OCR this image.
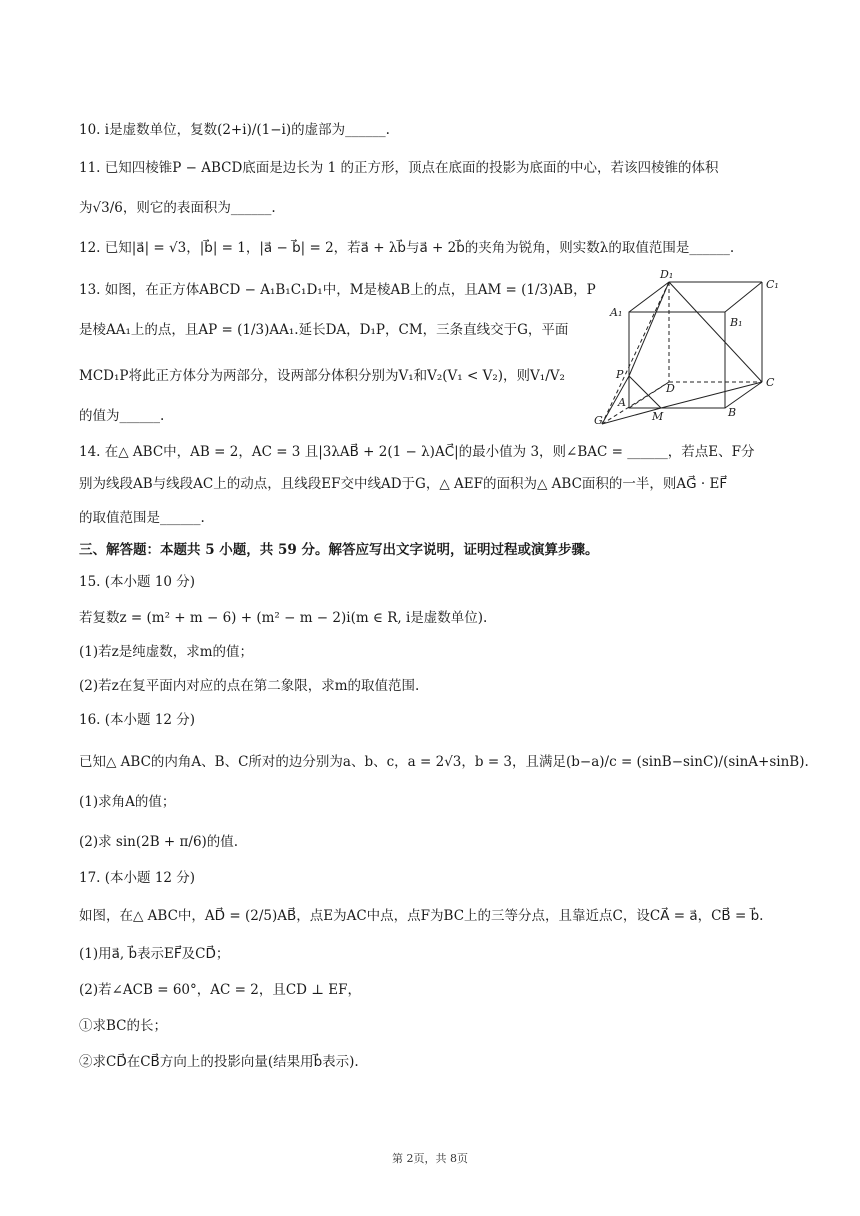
10. i是虚数单位，复数(2+i)/(1−i)的虚部为______.
11. 已知四棱锥P − ABCD底面是边长为 1 的正方形，顶点在底面的投影为底面的中心，若该四棱锥的体积
为√3/6，则它的表面积为______.
12. 已知|a⃗| = √3，|b⃗| = 1，|a⃗ − b⃗| = 2，若a⃗ + λb⃗与a⃗ + 2b⃗的夹角为锐角，则实数λ的取值范围是______.
13. 如图，在正方体ABCD − A₁B₁C₁D₁中，M是棱AB上的点，且AM = (1/3)AB，P
是棱AA₁上的点，且AP = (1/3)AA₁.延长DA，D₁P，CM，三条直线交于G，平面
MCD₁P将此正方体分为两部分，设两部分体积分别为V₁和V₂(V₁ < V₂)，则V₁/V₂
的值为______.
14. 在△ ABC中，AB = 2，AC = 3 且|3λAB⃗ + 2(1 − λ)AC⃗|的最小值为 3，则∠BAC = ______，若点E、F分
别为线段AB与线段AC上的动点，且线段EF交中线AD于G，△ AEF的面积为△ ABC面积的一半，则AG⃗ · EF⃗
的取值范围是______.
三、解答题：本题共 5 小题，共 59 分。解答应写出文字说明，证明过程或演算步骤。
15. (本小题 10 分)
若复数z = (m² + m − 6) + (m² − m − 2)i(m ∈ R, i是虚数单位).
(1)若z是纯虚数，求m的值；
(2)若z在复平面内对应的点在第二象限，求m的取值范围.
16. (本小题 12 分)
已知△ ABC的内角A、B、C所对的边分别为a、b、c，a = 2√3，b = 3，且满足(b−a)/c = (sinB−sinC)/(sinA+sinB).
(1)求角A的值；
(2)求 sin(2B + π/6)的值.
17. (本小题 12 分)
如图，在△ ABC中，AD⃗ = (2/5)AB⃗，点E为AC中点，点F为BC上的三等分点，且靠近点C，设CA⃗ = a⃗，CB⃗ = b⃗.
(1)用a⃗, b⃗表示EF⃗及CD⃗；
(2)若∠ACB = 60°，AC = 2，且CD ⊥ EF，
①求BC的长；
②求CD⃗在CB⃗方向上的投影向量(结果用b⃗表示).
D₁
C₁
A₁
B₁
P
D	C
A
G	M	B
第 2页，共 8页
